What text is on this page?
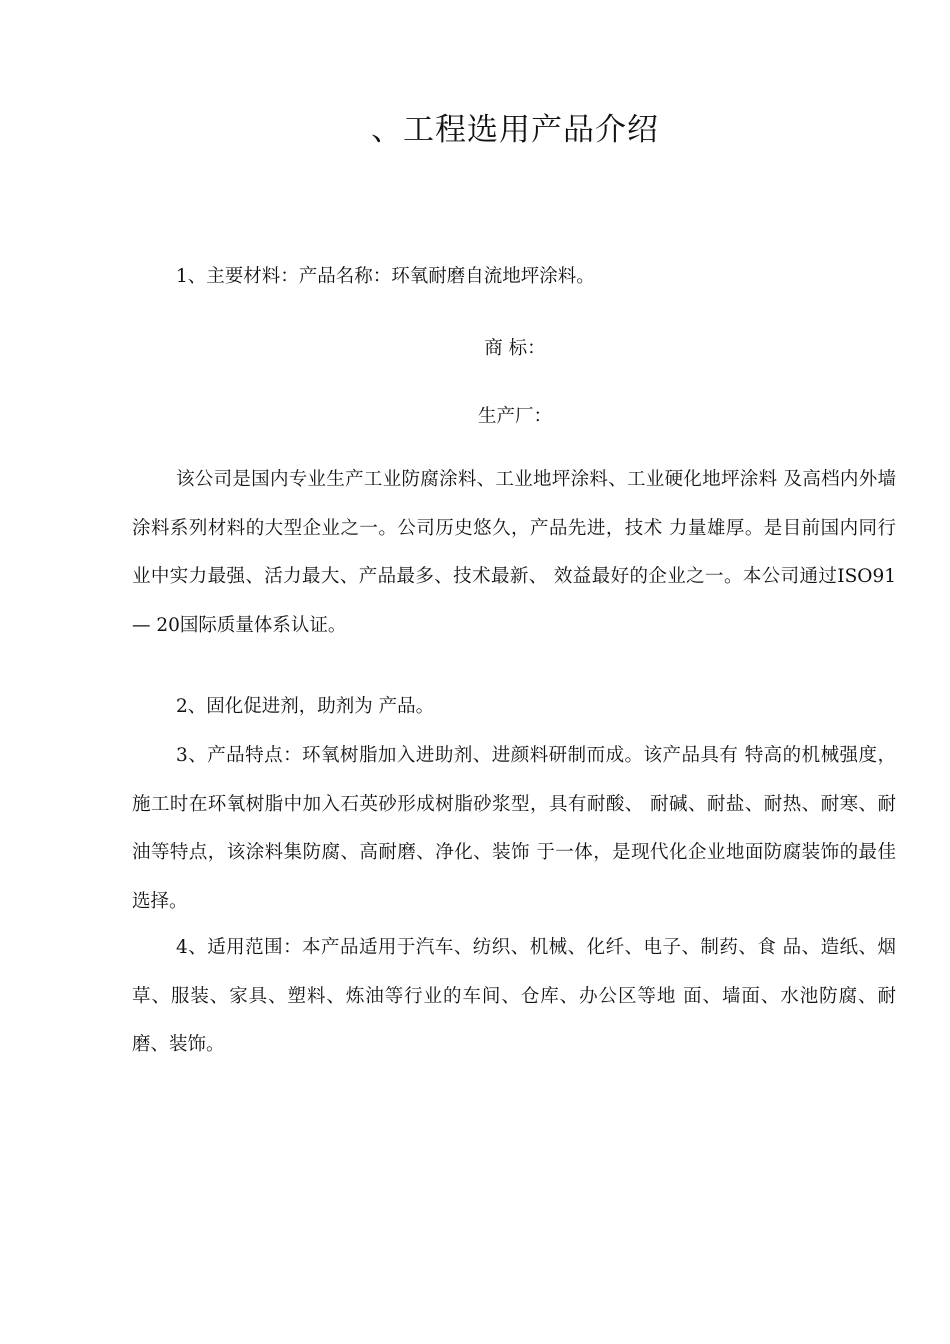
、工程选用产品介绍
1、主要材料：产品名称：环氧耐磨自流地坪涂料。
商 标：
生产厂：
该公司是国内专业生产工业防腐涂料、工业地坪涂料、工业硬化地坪涂料 及高档内外墙涂料系列材料的大型企业之一。公司历史悠久，产品先进，技术 力量雄厚。是目前国内同行业中实力最强、活力最大、产品最多、技术最新、 效益最好的企业之一。本公司通过ISO91 — 20国际质量体系认证。
2、固化促进剂，助剂为 产品。
3、产品特点：环氧树脂加入进助剂、进颜料研制而成。该产品具有 特高的机械强度，施工时在环氧树脂中加入石英砂形成树脂砂浆型，具有耐酸、 耐碱、耐盐、耐热、耐寒、耐油等特点，该涂料集防腐、高耐磨、净化、装饰 于一体，是现代化企业地面防腐装饰的最佳选择。
4、适用范围：本产品适用于汽车、纺织、机械、化纤、电子、制药、食 品、造纸、烟草、服装、家具、塑料、炼油等行业的车间、仓库、办公区等地 面、墙面、水池防腐、耐磨、装饰。
